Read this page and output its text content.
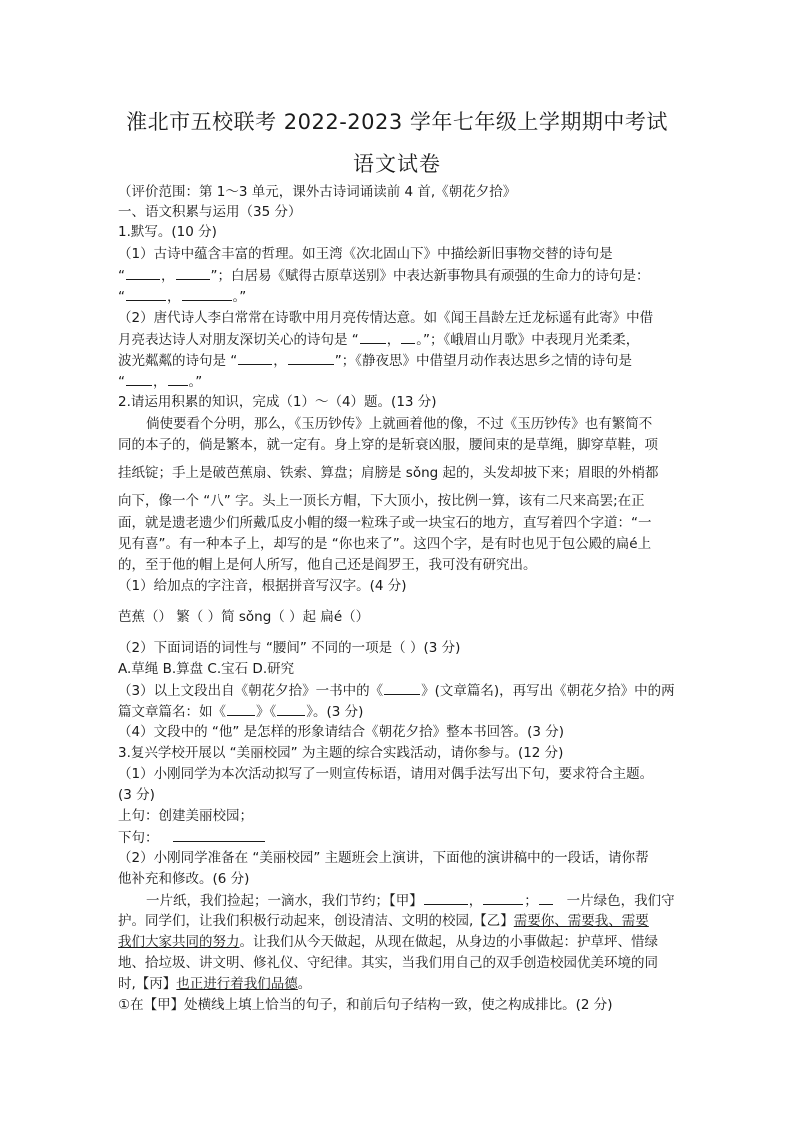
淮北市五校联考 2022-2023 学年七年级上学期期中考试
语文试卷
（评价范围：第 1～3 单元，课外古诗词诵读前 4 首,《朝花夕拾》
一、语文积累与运用（35 分）
1.默写。(10 分)
（1）古诗中蕴含丰富的哲理。如王湾《次北固山下》中描绘新旧事物交替的诗句是
“	，	”；白居易《赋得古原草送别》中表达新事物具有顽强的生命力的诗句是：
“	，	。”
（2）唐代诗人李白常常在诗歌中用月亮传情达意。如《闻王昌龄左迁龙标遥有此寄》中借
月亮表达诗人对朋友深切关心的诗句是 “ ， 。”；《峨眉山月歌》中表现月光柔柔，
波光粼粼的诗句是 “	，	”；《静夜思》中借望月动作表达思乡之情的诗句是
“ ， 。”
2.请运用积累的知识，完成（1）～（4）题。(13 分)
倘使要看个分明，那么，《玉历钞传》上就画着他的像，不过《玉历钞传》也有繁简不
同的本子的，倘是繁本，就一定有。身上穿的是斩衰凶服，腰间束的是草绳，脚穿草鞋，项
挂纸锭；手上是破芭蕉扇、铁索、算盘；肩膀是 sǒng 起的，头发却披下来；眉眼的外梢都
向下，像一个 “八” 字。头上一顶长方帽，下大顶小，按比例一算，该有二尺来高罢;在正
面，就是遗老遗少们所戴瓜皮小帽的缀一粒珠子或一块宝石的地方，直写着四个字道：“一
见有喜”。有一种本子上，却写的是 “你也来了”。这四个字，是有时也见于包公殿的扁é上
的，至于他的帽上是何人所写，他自己还是阎罗王，我可没有研究出。
（1）给加点的字注音，根据拼音写汉字。(4 分)
芭蕉（） 繁（ ）简 sǒng（ ）起 扁é（）
（2）下面词语的词性与 “腰间” 不同的一项是（ ）(3 分)
A.草绳 B.算盘 C.宝石 D.研究
（3）以上文段出自《朝花夕拾》一书中的《	》(文章篇名)，再写出《朝花夕拾》中的两
篇文章篇名：如《 》《 》。(3 分)
（4）文段中的 “他” 是怎样的形象请结合《朝花夕拾》整本书回答。(3 分)
3.复兴学校开展以 “美丽校园” 为主题的综合实践活动，请你参与。(12 分)
（1）小刚同学为本次活动拟写了一则宣传标语，请用对偶手法写出下句，要求符合主题。
(3 分)
上句：创建美丽校园；
下句：
（2）小刚同学准备在 “美丽校园” 主题班会上演讲，下面他的演讲稿中的一段话，请你帮
他补充和修改。(6 分)
一片纸，我们捡起；一滴水，我们节约；【甲】	，	； 一片绿色，我们守
护。同学们，让我们积极行动起来，创设清洁、文明的校园,【乙】需要你、需要我、需要
我们大家共同的努力。让我们从今天做起，从现在做起，从身边的小事做起：护草坪、惜绿
地、拾垃圾、讲文明、修礼仪、守纪律。其实，当我们用自己的双手创造校园优美环境的同
时,【丙】也正进行着我们品德。
①在【甲】处横线上填上恰当的句子，和前后句子结构一致，使之构成排比。(2 分)
